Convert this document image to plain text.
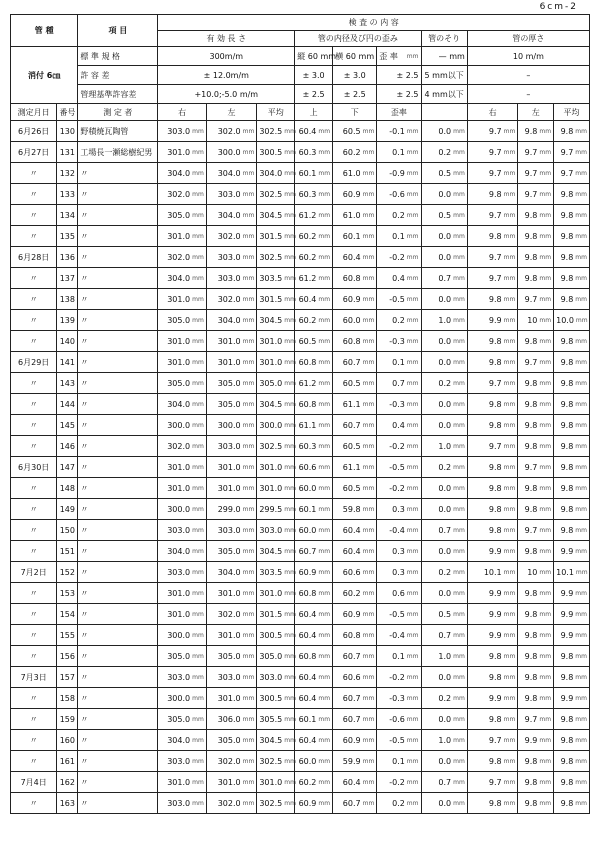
6cm-2
管 種		項 目	検 査 の 内 容									
			有 効 長 さ			管の内径及び円の歪み			管のそり	管の厚さ		
消付 6㎝		標 準 規 格	300m/m			縦 60 mm	横 60 mm	歪 率 mm	— mm	10 m/m		
		許 容 差	± 12.0m/m			± 3.0	± 3.0	± 2.5	5 mm以下	–		
		管理基準許容差	+10.0;-5.0 m/m			± 2.5	± 2.5	± 2.5	4 mm以下	–		
測定月日	番号	測 定 者	右	左	平均	上	下	歪率		右	左	平均
6月26日	130	野積焼瓦陶管	303.0 mm	302.0 mm	302.5 mm	60.4 mm	60.5 mm	-0.1 mm	0.0 mm	9.7 mm	9.8 mm	9.8 mm

6月27日	131	工場長一瀬総樹紀男	301.0 mm	300.0 mm	300.5 mm	60.3 mm	60.2 mm	0.1 mm	0.2 mm	9.7 mm	9.7 mm	9.7 mm

〃	132	〃	304.0 mm	304.0 mm	304.0 mm	60.1 mm	61.0 mm	-0.9 mm	0.5 mm	9.7 mm	9.7 mm	9.7 mm

〃	133	〃	302.0 mm	303.0 mm	302.5 mm	60.3 mm	60.9 mm	-0.6 mm	0.0 mm	9.8 mm	9.7 mm	9.8 mm

〃	134	〃	305.0 mm	304.0 mm	304.5 mm	61.2 mm	61.0 mm	0.2 mm	0.5 mm	9.7 mm	9.8 mm	9.8 mm

〃	135	〃	301.0 mm	302.0 mm	301.5 mm	60.2 mm	60.1 mm	0.1 mm	0.0 mm	9.8 mm	9.8 mm	9.8 mm

6月28日	136	〃	302.0 mm	303.0 mm	302.5 mm	60.2 mm	60.4 mm	-0.2 mm	0.0 mm	9.7 mm	9.8 mm	9.8 mm

〃	137	〃	304.0 mm	303.0 mm	303.5 mm	61.2 mm	60.8 mm	0.4 mm	0.7 mm	9.7 mm	9.8 mm	9.8 mm

〃	138	〃	301.0 mm	302.0 mm	301.5 mm	60.4 mm	60.9 mm	-0.5 mm	0.0 mm	9.8 mm	9.7 mm	9.8 mm

〃	139	〃	305.0 mm	304.0 mm	304.5 mm	60.2 mm	60.0 mm	0.2 mm	1.0 mm	9.9 mm	10 mm	10.0 mm

〃	140	〃	301.0 mm	301.0 mm	301.0 mm	60.5 mm	60.8 mm	-0.3 mm	0.0 mm	9.8 mm	9.8 mm	9.8 mm

6月29日	141	〃	301.0 mm	301.0 mm	301.0 mm	60.8 mm	60.7 mm	0.1 mm	0.0 mm	9.8 mm	9.7 mm	9.8 mm

〃	143	〃	305.0 mm	305.0 mm	305.0 mm	61.2 mm	60.5 mm	0.7 mm	0.2 mm	9.7 mm	9.8 mm	9.8 mm

〃	144	〃	304.0 mm	305.0 mm	304.5 mm	60.8 mm	61.1 mm	-0.3 mm	0.0 mm	9.8 mm	9.8 mm	9.8 mm

〃	145	〃	300.0 mm	300.0 mm	300.0 mm	61.1 mm	60.7 mm	0.4 mm	0.0 mm	9.8 mm	9.8 mm	9.8 mm

〃	146	〃	302.0 mm	303.0 mm	302.5 mm	60.3 mm	60.5 mm	-0.2 mm	1.0 mm	9.7 mm	9.8 mm	9.8 mm

6月30日	147	〃	301.0 mm	301.0 mm	301.0 mm	60.6 mm	61.1 mm	-0.5 mm	0.2 mm	9.8 mm	9.7 mm	9.8 mm

〃	148	〃	301.0 mm	301.0 mm	301.0 mm	60.0 mm	60.5 mm	-0.2 mm	0.0 mm	9.8 mm	9.8 mm	9.8 mm

〃	149	〃	300.0 mm	299.0 mm	299.5 mm	60.1 mm	59.8 mm	0.3 mm	0.0 mm	9.8 mm	9.8 mm	9.8 mm

〃	150	〃	303.0 mm	303.0 mm	303.0 mm	60.0 mm	60.4 mm	-0.4 mm	0.7 mm	9.8 mm	9.7 mm	9.8 mm

〃	151	〃	304.0 mm	305.0 mm	304.5 mm	60.7 mm	60.4 mm	0.3 mm	0.0 mm	9.9 mm	9.8 mm	9.9 mm

7月2日	152	〃	303.0 mm	304.0 mm	303.5 mm	60.9 mm	60.6 mm	0.3 mm	0.2 mm	10.1 mm	10 mm	10.1 mm

〃	153	〃	301.0 mm	301.0 mm	301.0 mm	60.8 mm	60.2 mm	0.6 mm	0.0 mm	9.9 mm	9.8 mm	9.9 mm

〃	154	〃	301.0 mm	302.0 mm	301.5 mm	60.4 mm	60.9 mm	-0.5 mm	0.5 mm	9.9 mm	9.8 mm	9.9 mm

〃	155	〃	300.0 mm	301.0 mm	300.5 mm	60.4 mm	60.8 mm	-0.4 mm	0.7 mm	9.9 mm	9.8 mm	9.9 mm

〃	156	〃	305.0 mm	305.0 mm	305.0 mm	60.8 mm	60.7 mm	0.1 mm	1.0 mm	9.8 mm	9.8 mm	9.8 mm

7月3日	157	〃	303.0 mm	303.0 mm	303.0 mm	60.4 mm	60.6 mm	-0.2 mm	0.0 mm	9.8 mm	9.8 mm	9.8 mm

〃	158	〃	300.0 mm	301.0 mm	300.5 mm	60.4 mm	60.7 mm	-0.3 mm	0.2 mm	9.9 mm	9.8 mm	9.9 mm

〃	159	〃	305.0 mm	306.0 mm	305.5 mm	60.1 mm	60.7 mm	-0.6 mm	0.0 mm	9.8 mm	9.7 mm	9.8 mm

〃	160	〃	304.0 mm	305.0 mm	304.5 mm	60.4 mm	60.9 mm	-0.5 mm	1.0 mm	9.7 mm	9.9 mm	9.8 mm

〃	161	〃	303.0 mm	302.0 mm	302.5 mm	60.0 mm	59.9 mm	0.1 mm	0.0 mm	9.8 mm	9.8 mm	9.8 mm

7月4日	162	〃	301.0 mm	301.0 mm	301.0 mm	60.2 mm	60.4 mm	-0.2 mm	0.7 mm	9.7 mm	9.8 mm	9.8 mm

〃	163	〃	303.0 mm	302.0 mm	302.5 mm	60.9 mm	60.7 mm	0.2 mm	0.0 mm	9.8 mm	9.8 mm	9.8 mm
